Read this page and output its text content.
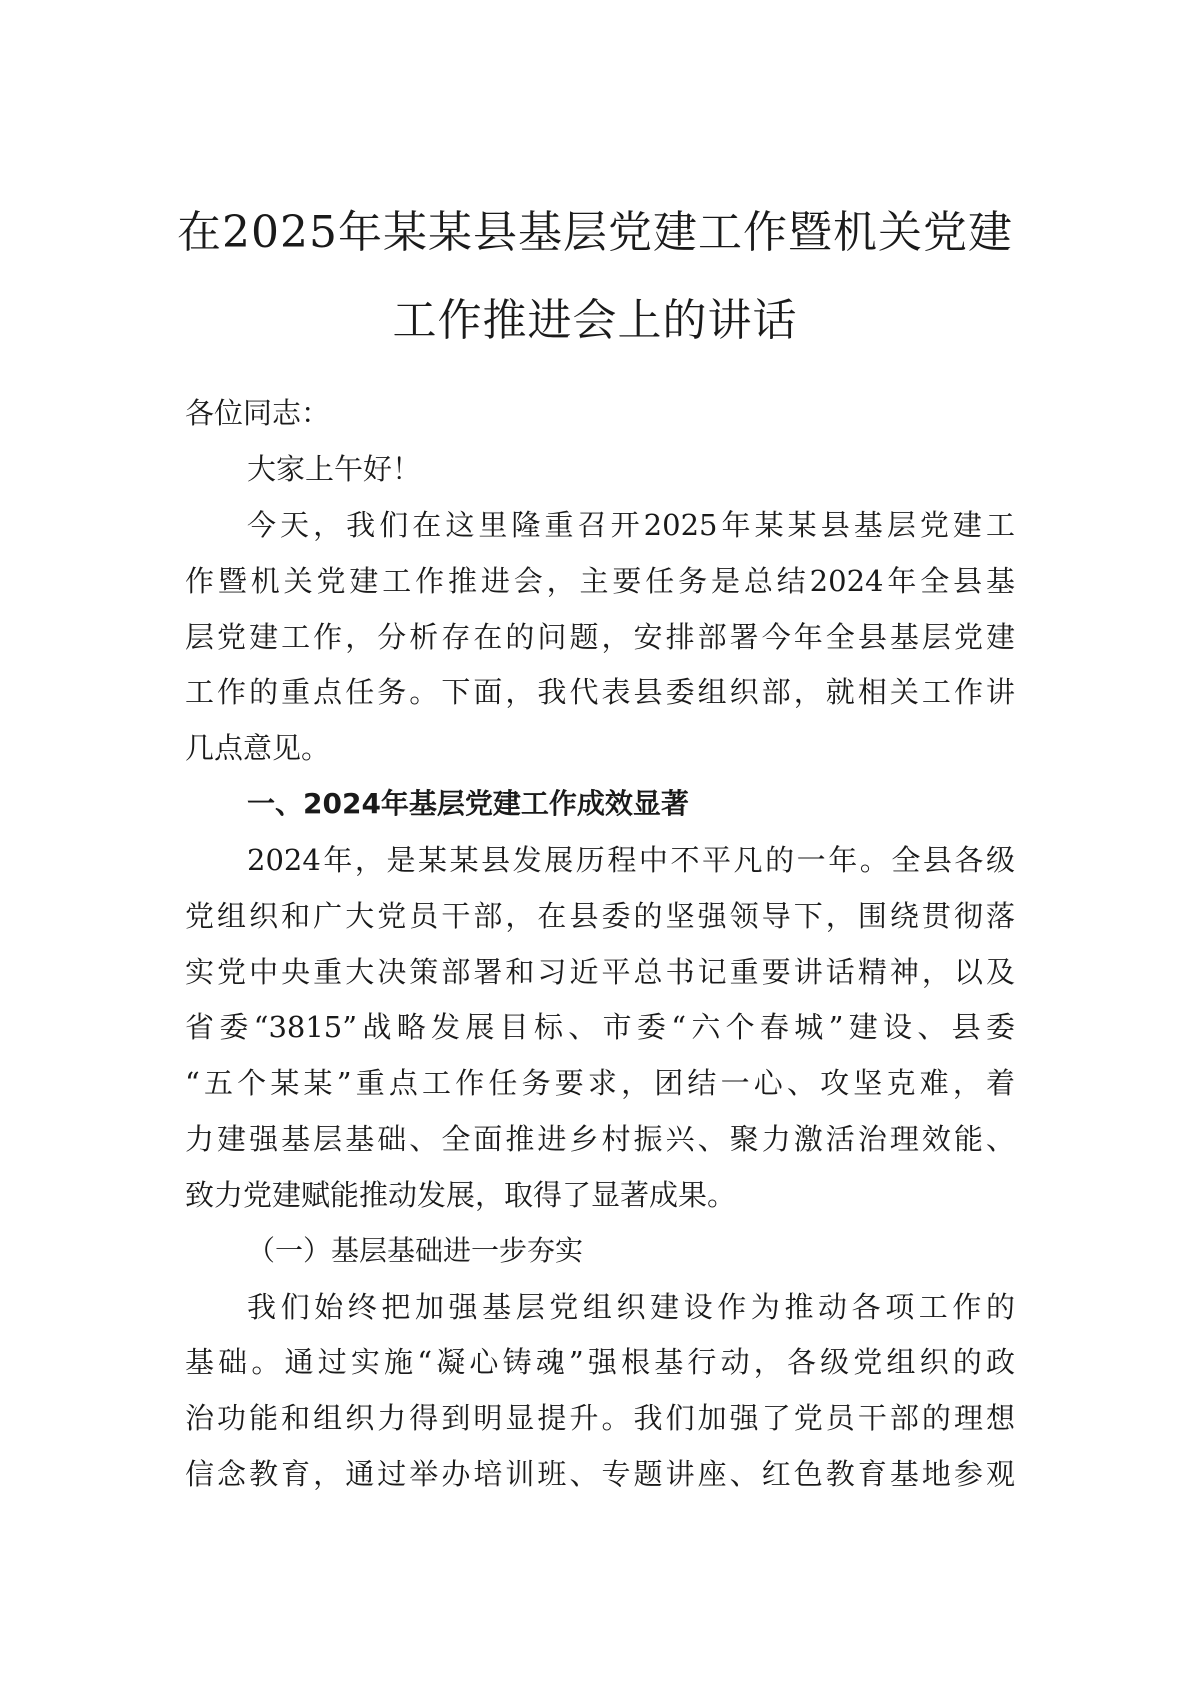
在2025年某某县基层党建工作暨机关党建
工作推进会上的讲话
各位同志：
大家上午好！
今天，我们在这里隆重召开2025年某某县基层党建工
作暨机关党建工作推进会，主要任务是总结2024年全县基
层党建工作，分析存在的问题，安排部署今年全县基层党建
工作的重点任务。下面，我代表县委组织部，就相关工作讲
几点意见。
一、2024年基层党建工作成效显著
2024年，是某某县发展历程中不平凡的一年。全县各级
党组织和广大党员干部，在县委的坚强领导下，围绕贯彻落
实党中央重大决策部署和习近平总书记重要讲话精神，以及
省委“3815”战略发展目标、市委“六个春城”建设、县委
“五个某某”重点工作任务要求，团结一心、攻坚克难，着
力建强基层基础、全面推进乡村振兴、聚力激活治理效能、
致力党建赋能推动发展，取得了显著成果。
（一）基层基础进一步夯实
我们始终把加强基层党组织建设作为推动各项工作的
基础。通过实施“凝心铸魂”强根基行动，各级党组织的政
治功能和组织力得到明显提升。我们加强了党员干部的理想
信念教育，通过举办培训班、专题讲座、红色教育基地参观
